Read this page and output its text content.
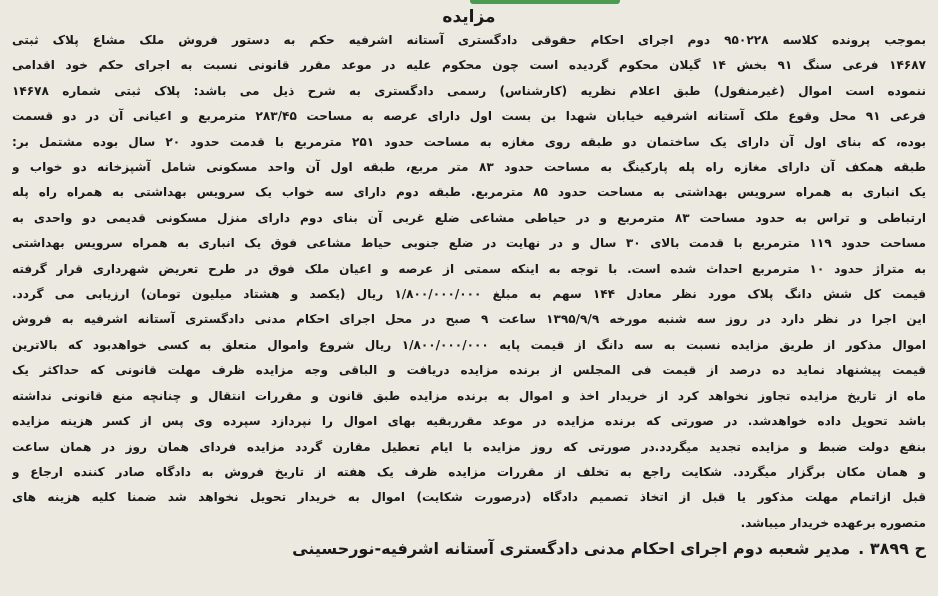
مزایده
بموجب پرونده کلاسه ۹۵۰۲۲۸ دوم اجرای احکام حقوقی دادگستری آستانه اشرفیه حکم به دستور فروش ملک مشاع پلاک ثبتی
۱۴۶۸۷ فرعی سنگ ۹۱ بخش ۱۴ گیلان محکوم گردیده است چون محکوم علیه در موعد مقرر قانونی نسبت به اجرای حکم خود اقدامی
ننموده است اموال (غیرمنقول) طبق اعلام نظریه (کارشناس) رسمی دادگستری به شرح ذیل می باشد: پلاک ثبتی شماره ۱۴۶۷۸
فرعی ۹۱ محل وقوع ملک آستانه اشرفیه خیابان شهدا بن بست اول دارای عرصه به مساحت ۲۸۳/۴۵ مترمربع و اعیانی آن در دو قسمت
بوده، که بنای اول آن دارای یک ساختمان دو طبقه روی مغازه به مساحت حدود ۲۵۱ مترمربع با قدمت حدود ۲۰ سال بوده مشتمل بر:
طبقه همکف آن دارای مغازه راه پله پارکینگ به مساحت حدود ۸۳ متر مربع، طبقه اول آن واحد مسکونی شامل آشپزخانه دو خواب و
یک انباری به همراه سرویس بهداشتی به مساحت حدود ۸۵ مترمربع. طبقه دوم دارای سه خواب یک سرویس بهداشتی به همراه راه پله
ارتباطی و تراس به حدود مساحت ۸۳ مترمربع و در حیاطی مشاعی ضلع غربی آن بنای دوم دارای منزل مسکونی قدیمی دو واحدی به
مساحت حدود ۱۱۹ مترمربع با قدمت بالای ۳۰ سال و در نهایت در ضلع جنوبی حیاط مشاعی فوق یک انباری به همراه سرویس بهداشتی
به متراژ حدود ۱۰ مترمربع احداث شده است. با توجه به اینکه سمتی از عرصه و اعیان ملک فوق در طرح تعریض شهرداری قرار گرفته
قیمت کل شش دانگ پلاک مورد نظر معادل ۱۴۴ سهم به مبلغ ۱/۸۰۰/۰۰۰/۰۰۰ ریال (یکصد و هشتاد میلیون تومان) ارزیابی می گردد.
این اجرا در نظر دارد در روز سه شنبه مورخه ۱۳۹۵/۹/۹ ساعت ۹ صبح در محل اجرای احکام مدنی دادگستری آستانه اشرفیه به فروش
اموال مذکور از طریق مزایده نسبت به سه دانگ از قیمت پایه ۱/۸۰۰/۰۰۰/۰۰۰ ریال شروع واموال متعلق به کسی خواهدبود که بالاترین
قیمت پیشنهاد نماید ده درصد از قیمت فی المجلس از برنده مزایده دریافت و الباقی وجه مزایده ظرف مهلت قانونی که حداکثر یک
ماه از تاریخ مزایده تجاوز نخواهد کرد از خریدار اخذ و اموال به برنده مزایده طبق قانون و مقررات انتقال و چنانچه منع قانونی نداشته
باشد تحویل داده خواهدشد. در صورتی که برنده مزایده در موعد مقرربقیه بهای اموال را نپردازد سپرده وی پس از کسر هزینه مزایده
بنفع دولت ضبط و مزایده تجدید میگردد.در صورتی که روز مزایده با ایام تعطیل مقارن گردد مزایده فردای همان روز در همان ساعت
و همان مکان برگزار میگردد. شکایت راجع به تخلف از مقررات مزایده ظرف یک هفته از تاریخ فروش به دادگاه صادر کننده ارجاع و
قبل ازاتمام مهلت مذکور یا قبل از اتخاذ تصمیم دادگاه (درصورت شکایت) اموال به خریدار تحویل نخواهد شد ضمنا کلیه هزینه های
متصوره برعهده خریدار میباشد.
ح ۳۸۹۹ .
مدیر شعبه دوم اجرای احکام مدنی دادگستری آستانه اشرفیه-نورحسینی
